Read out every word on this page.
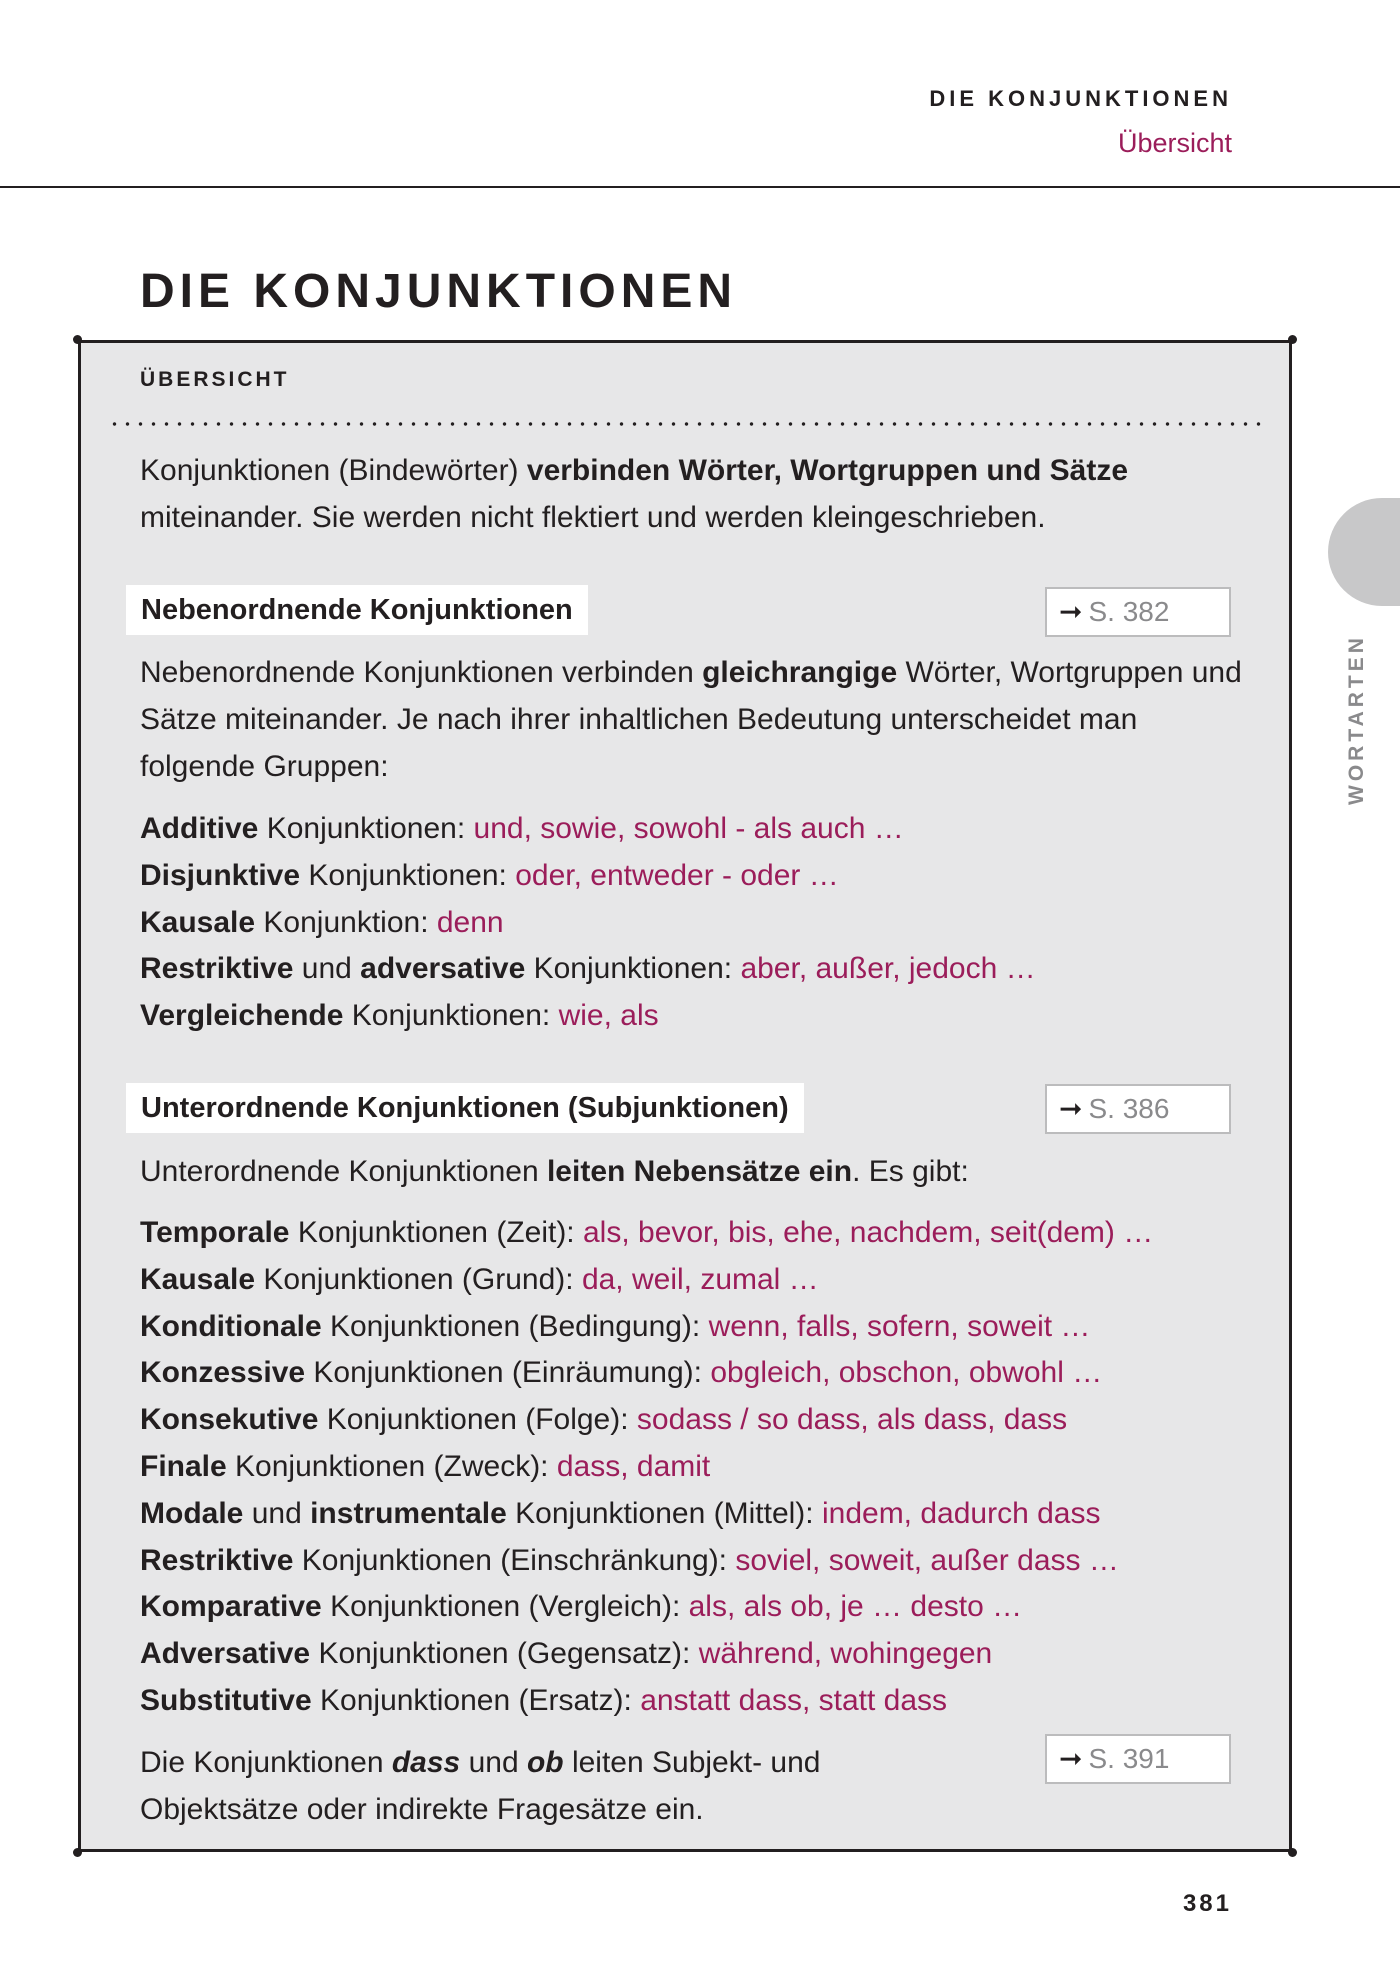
DIE KONJUNKTIONEN
Übersicht
DIE KONJUNKTIONEN
ÜBERSICHT

Konjunktionen (Bindewörter) verbinden Wörter, Wortgruppen und Sätze miteinander. Sie werden nicht flektiert und werden kleingeschrieben.

Nebenordnende Konjunktionen	➞ S. 382

Nebenordnende Konjunktionen verbinden gleichrangige Wörter, Wortgruppen und Sätze miteinander. Je nach ihrer inhaltlichen Bedeutung unterscheidet man folgende Gruppen:

Additive Konjunktionen: und, sowie, sowohl - als auch …
Disjunktive Konjunktionen: oder, entweder - oder …
Kausale Konjunktion: denn
Restriktive und adversative Konjunktionen: aber, außer, jedoch …
Vergleichende Konjunktionen: wie, als
Unterordnende Konjunktionen (Subjunktionen)	➞ S. 386

Unterordnende Konjunktionen leiten Nebensätze ein. Es gibt:

Temporale Konjunktionen (Zeit): als, bevor, bis, ehe, nachdem, seit(dem) …
Kausale Konjunktionen (Grund): da, weil, zumal …
Konditionale Konjunktionen (Bedingung): wenn, falls, sofern, soweit …
Konzessive Konjunktionen (Einräumung): obgleich, obschon, obwohl …
Konsekutive Konjunktionen (Folge): sodass / so dass, als dass, dass
Finale Konjunktionen (Zweck): dass, damit
Modale und instrumentale Konjunktionen (Mittel): indem, dadurch dass
Restriktive Konjunktionen (Einschränkung): soviel, soweit, außer dass …
Komparative Konjunktionen (Vergleich): als, als ob, je … desto …
Adversative Konjunktionen (Gegensatz): während, wohingegen
Substitutive Konjunktionen (Ersatz): anstatt dass, statt dass

Die Konjunktionen dass und ob leiten Subjekt- und
Objektsätze oder indirekte Fragesätze ein.

➞ S. 391
WORTARTEN
381
